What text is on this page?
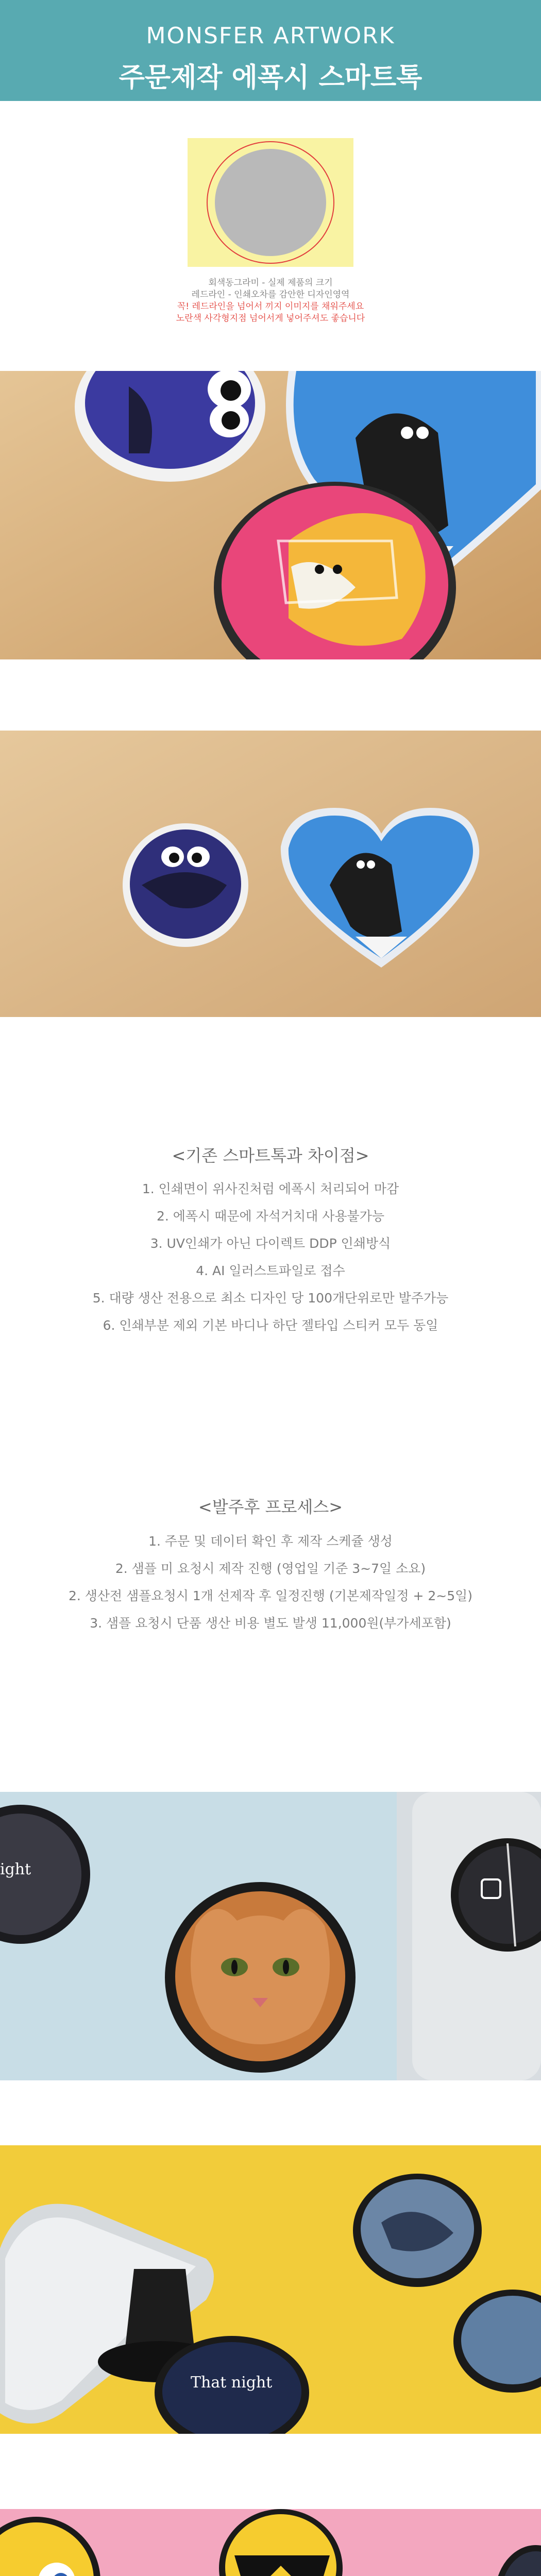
MONSFER ARTWORK
주문제작 에폭시 스마트톡
회색동그라미 - 실제 제품의 크기
레드라인 - 인쇄오차를 감안한 디자인영역
꼭! 레드라인을 넘어서 끼지 이미지를 채워주세요
노란색 사각형지점 넘어서게 넣어주셔도 좋습니다
<기존 스마트톡과 차이점>
1. 인쇄면이 위사진처럼 에폭시 처리되어 마감
2. 에폭시 때문에 자석거치대 사용불가능
3. UV인쇄가 아닌 다이렉트 DDP 인쇄방식
4. AI 일러스트파일로 접수
5. 대량 생산 전용으로 최소 디자인 당 100개단위로만 발주가능
6. 인쇄부분 제외 기본 바디나 하단 젤타입 스티커 모두 동일
<발주후 프로세스>
1. 주문 및 데이터 확인 후 제작 스케쥴 생성
2. 샘플 미 요청시 제작 진행 (영업일 기준 3~7일 소요)
2. 생산전 샘플요청시 1개 선제작 후 일정진행 (기본제작일정 + 2~5일)
3. 샘플 요청시 단품 생산 비용 별도 발생 11,000원(부가세포함)
ight
That night
